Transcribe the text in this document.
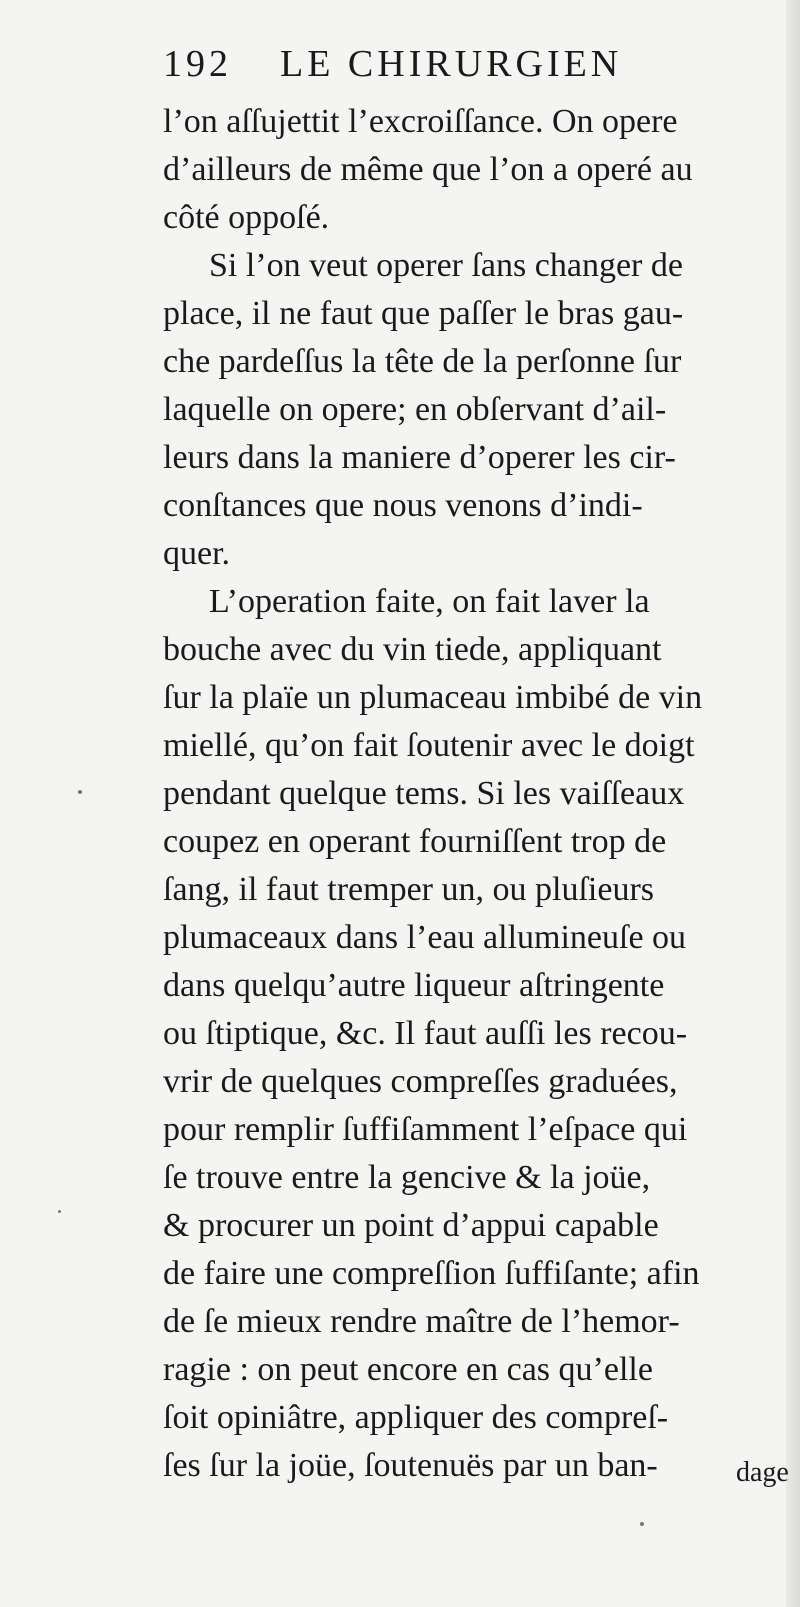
192 LE CHIRURGIEN
l’on aſſujettit l’excroiſſance. On opere
d’ailleurs de même que l’on a operé au
côté oppoſé.
Si l’on veut operer ſans changer de
place, il ne faut que paſſer le bras gau-
che pardeſſus la tête de la perſonne ſur
laquelle on opere; en obſervant d’ail-
leurs dans la maniere d’operer les cir-
conſtances que nous venons d’indi-
quer.
L’operation faite, on fait laver la
bouche avec du vin tiede, appliquant
ſur la plaïe un plumaceau imbibé de vin
miellé, qu’on fait ſoutenir avec le doigt
pendant quelque tems. Si les vaiſſeaux
coupez en operant fourniſſent trop de
ſang, il faut tremper un, ou pluſieurs
plumaceaux dans l’eau allumineuſe ou
dans quelqu’autre liqueur aſtringente
ou ſtiptique, &c. Il faut auſſi les recou-
vrir de quelques compreſſes graduées,
pour remplir ſuffiſamment l’eſpace qui
ſe trouve entre la gencive & la joüe,
& procurer un point d’appui capable
de faire une compreſſion ſuffiſante; afin
de ſe mieux rendre maître de l’hemor-
ragie : on peut encore en cas qu’elle
ſoit opiniâtre, appliquer des compreſ-
ſes ſur la joüe, ſoutenuës par un ban-	dage
